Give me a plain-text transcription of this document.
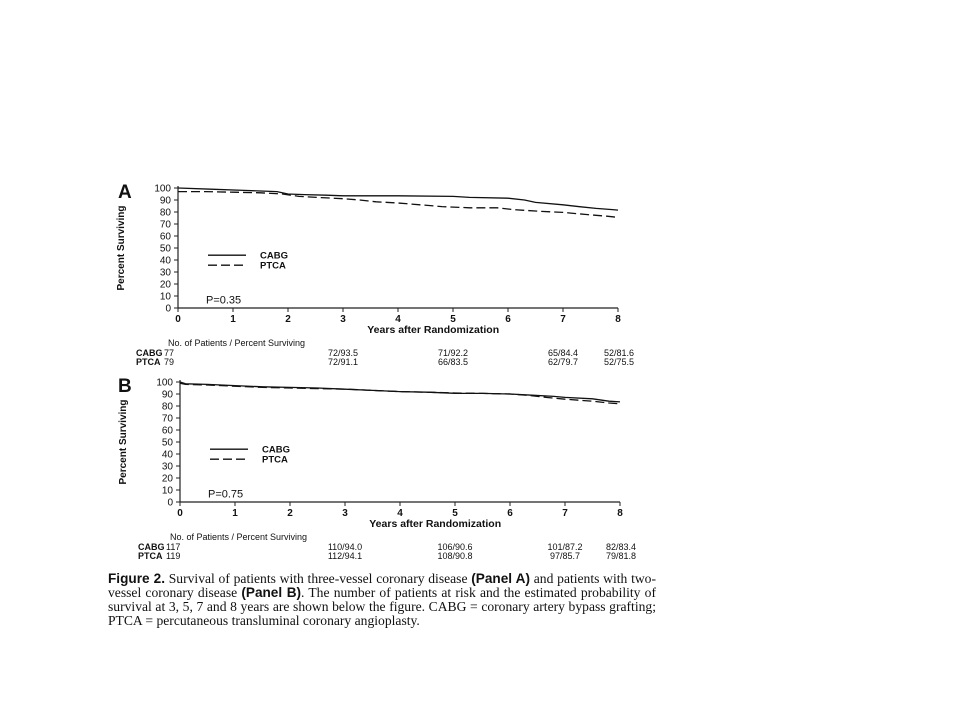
A
0
10
20
30
40
50
60
70
80
90
100
0	1	2	3	4	5	6	7	8
Percent Surviving
Years after Randomization
CABG
PTCA
P=0.35
No. of Patients / Percent Surviving
CABG 77	72/93.5	71/92.2	65/84.4	52/81.6
PTCA 79	72/91.1	66/83.5	62/79.7	52/75.5
B
0
10
20
30
40
50
60
70
80
90
100
0	1	2	3	4	5	6	7	8
Percent Surviving
Years after Randomization
CABG
PTCA
P=0.75
No. of Patients / Percent Surviving
CABG 117	110/94.0	106/90.6	101/87.2	82/83.4
PTCA 119	112/94.1	108/90.8	97/85.7	79/81.8
Figure 2. Survival of patients with three-vessel coronary disease (Panel A) and patients with two-vessel coronary disease (Panel B). The number of patients at risk and the estimated probability of survival at 3, 5, 7 and 8 years are shown below the figure. CABG = coronary artery bypass grafting; PTCA = percutaneous transluminal coronary angioplasty.
